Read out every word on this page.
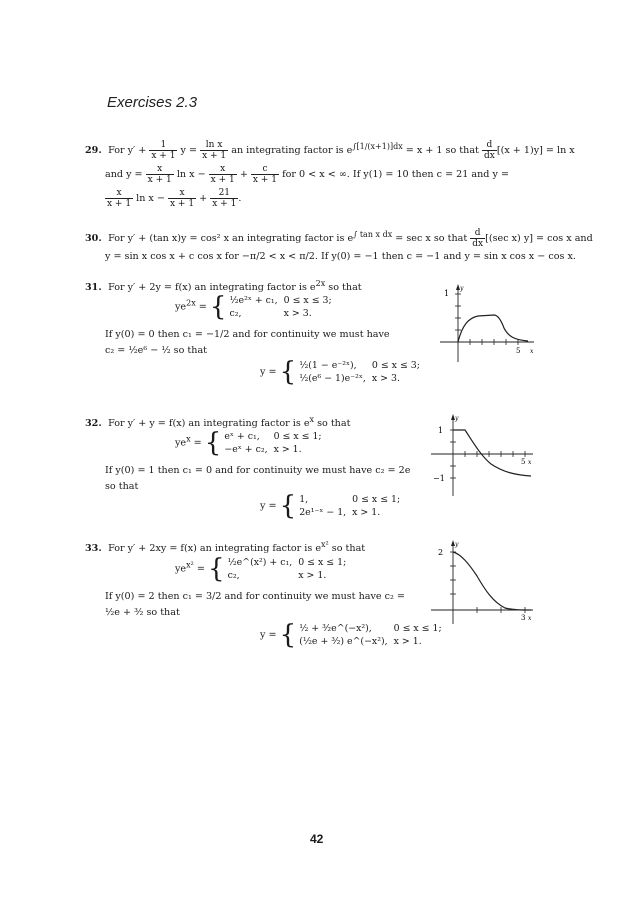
Exercises 2.3
29. For $y' + \frac{1}{x + 1}$ $y = \frac{\text{ln x}}{x + 1}$ an integrating factor is $e^{\int[1/(x+1)]dx} = x + 1$ so that $\frac{d}{dx} [(x + 1)y] = \ln x$
and $y = \frac{x}{x + 1}$ $\ln x - \frac{x}{x + 1} + \frac{c}{x + 1}$ for 0 < x < ∞. If y(1) = 10 then c = 21 and y =
$\frac{x}{x + 1}$ $\ln x - \frac{x}{x + 1} + \frac{21}{x + 1}$ .
30. For y′ + (tan x)y = cos² x an integrating factor is $e^{\int tan x dx} = \sec x$ so that $\frac{d}{dx} [(\sec$ x) y] = cos x and
y = sin x cos x + c cos x for −π/2 < x < π/2. If y(0) = −1 then c = −1 and y = sin x cos x − cos x.
31. For y′ + 2y = f(x) an integrating factor is $e^{2x}$ so that
$ye^{2x}$ = { ½e²ˣ + c₁,	0 ≤ x ≤ 3;
c₂,	x > 3.
If y(0) = 0 then c₁ = −1/2 and for continuity we must have
c₂ = ½e⁶ − ½ so that
y = { ½(1 − e⁻²ˣ),	0 ≤ x ≤ 3;
½(e⁶ − 1)e⁻²ˣ,	x > 3.
1
y
5 x
32. For y′ + y = f(x) an integrating factor is $e^x$ so that
$ye^x$ = { eˣ + c₁,	0 ≤ x ≤ 1;
−eˣ + c₂,	x > 1.
If y(0) = 1 then c₁ = 0 and for continuity we must have c₂ = 2e
so that
y = { 1,	0 ≤ x ≤ 1;
2e¹⁻ˣ − 1,	x > 1.
1
−1
y
5 x
33. For y′ + 2xy = f(x) an integrating factor is $e^{x^2}$ so that
$ye^{x^2}$ = { ½e^(x²) + c₁,	0 ≤ x ≤ 1;
c₂,	x > 1.
If y(0) = 2 then c₁ = 3/2 and for continuity we must have c₂ =
½e + ³⁄₂ so that
y = { ½ + ³⁄₂e^(−x²),	0 ≤ x ≤ 1;
(½e + ³⁄₂) e^(−x²),	x > 1.
2
y
3 x
42
